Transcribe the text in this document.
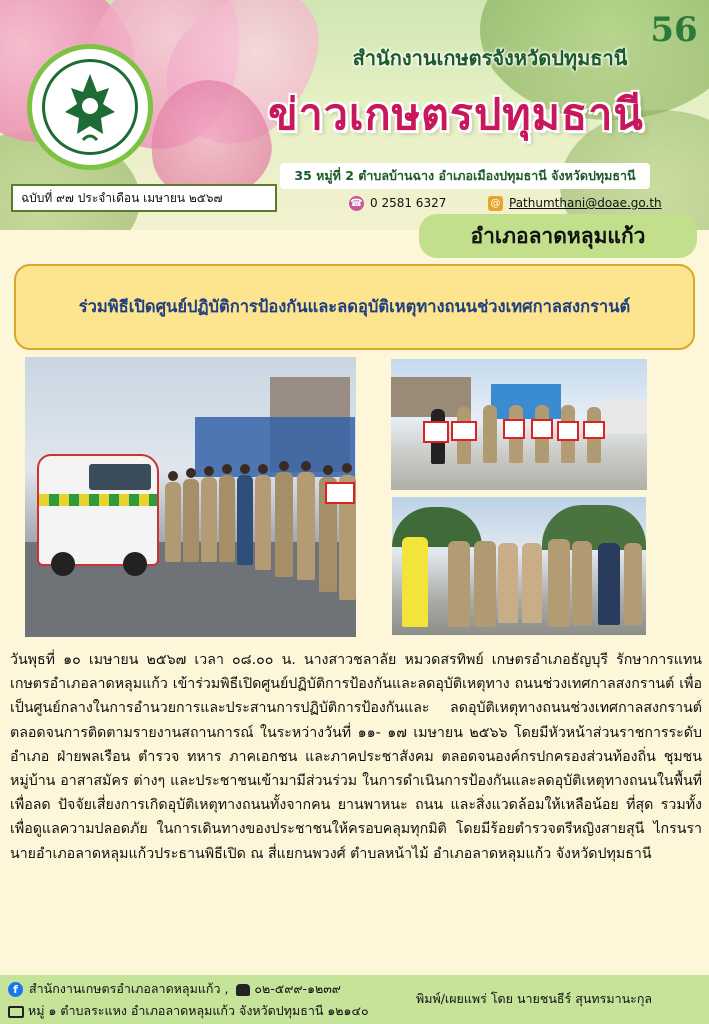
56
สำนักงานเกษตรจังหวัดปทุมธานี
ข่าวเกษตรปทุมธานี
35 หมู่ที่ 2 ตำบลบ้านฉาง อำเภอเมืองปทุมธานี จังหวัดปทุมธานี
ฉบับที่ ๙๗ ประจำเดือน เมษายน ๒๕๖๗	☎ 0 2581 6327	@ Pathumthani@doae.go.th
อำเภอลาดหลุมแก้ว
ร่วมพิธีเปิดศูนย์ปฏิบัติการป้องกันและลดอุบัติเหตุทางถนนช่วงเทศกาลสงกรานต์
วันพุธที่ ๑๐ เมษายน ๒๕๖๗ เวลา ๐๘.๐๐ น. นางสาวชลาลัย หมวดสรทิพย์ เกษตรอำเภอธัญบุรี รักษาการแทนเกษตรอำเภอลาดหลุมแก้ว เข้าร่วมพิธีเปิดศูนย์ปฏิบัติการป้องกันและลดอุบัติเหตุทาง ถนนช่วงเทศกาลสงกรานต์ เพื่อเป็นศูนย์กลางในการอำนวยการและประสานการปฏิบัติการป้องกันและ ลดอุบัติเหตุทางถนนช่วงเทศกาลสงกรานต์ ตลอดจนการติดตามรายงานสถานการณ์ ในระหว่างวันที่ ๑๑- ๑๗ เมษายน ๒๕๖๖ โดยมีหัวหน้าส่วนราชการระดับอำเภอ ฝ่ายพลเรือน ตำรวจ ทหาร ภาคเอกชน และภาคประชาสังคม ตลอดจนองค์กรปกครองส่วนท้องถิ่น ชุมชนหมู่บ้าน อาสาสมัคร ต่างๆ และประชาชนเข้ามามีส่วนร่วม ในการดำเนินการป้องกันและลดอุบัติเหตุทางถนนในพื้นที่ เพื่อลด ปัจจัยเสี่ยงการเกิดอุบัติเหตุทางถนนทั้งจากคน ยานพาหนะ ถนน และสิ่งแวดล้อมให้เหลือน้อย ที่สุด รวมทั้งเพื่อดูแลความปลอดภัย ในการเดินทางของประชาชนให้ครอบคลุมทุกมิติ โดยมีร้อยตำรวจตรีหญิงสายสุนี ไกรนรา นายอำเภอลาดหลุมแก้วประธานพิธีเปิด ณ สี่แยกนพวงศ์ ตำบลหน้าไม้ อำเภอลาดหลุมแก้ว จังหวัดปทุมธานี
f สำนักงานเกษตรอำเภอลาดหลุมแก้ว , ๐๒-๕๙๙-๑๒๓๙
หมู่ ๑ ตำบลระแหง อำเภอลาดหลุมแก้ว จังหวัดปทุมธานี ๑๒๑๔๐
พิมพ์/เผยแพร่ โดย นายชนธีร์ สุนทรมานะกุล
